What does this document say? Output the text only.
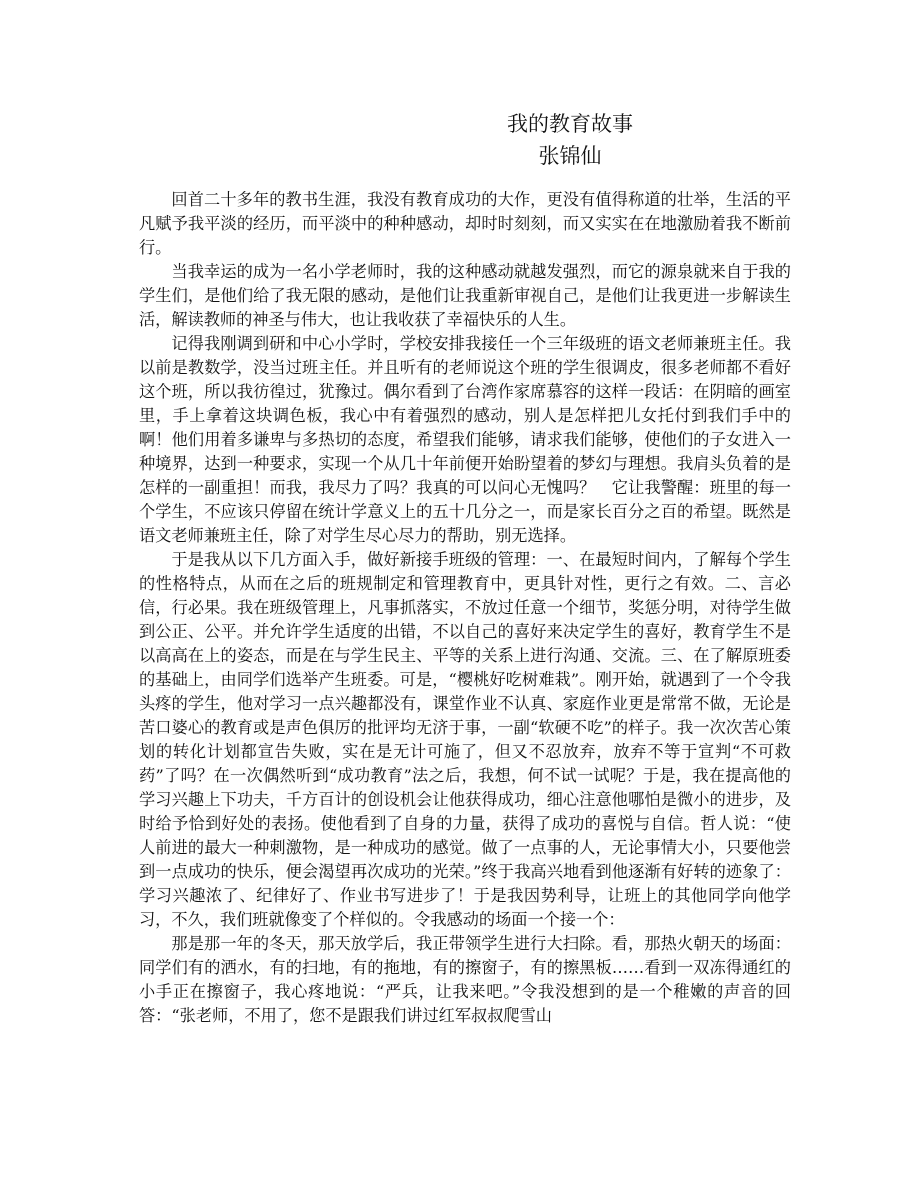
我的教育故事
张锦仙

回首二十多年的教书生涯，我没有教育成功的大作，更没有值得称道的壮举，生活的平凡赋予我平淡的经历，而平淡中的种种感动，却时时刻刻，而又实实在在地激励着我不断前行。

当我幸运的成为一名小学老师时，我的这种感动就越发强烈，而它的源泉就来自于我的学生们，是他们给了我无限的感动，是他们让我重新审视自己，是他们让我更进一步解读生活，解读教师的神圣与伟大，也让我收获了幸福快乐的人生。

记得我刚调到研和中心小学时，学校安排我接任一个三年级班的语文老师兼班主任。我以前是教数学，没当过班主任。并且听有的老师说这个班的学生很调皮，很多老师都不看好这个班，所以我彷徨过，犹豫过。偶尔看到了台湾作家席慕容的这样一段话：在阴暗的画室里，手上拿着这块调色板，我心中有着强烈的感动，别人是怎样把儿女托付到我们手中的啊！他们用着多谦卑与多热切的态度，希望我们能够，请求我们能够，使他们的子女进入一种境界，达到一种要求，实现一个从几十年前便开始盼望着的梦幻与理想。我肩头负着的是怎样的一副重担！而我，我尽力了吗？我真的可以问心无愧吗？　它让我警醒：班里的每一个学生，不应该只停留在统计学意义上的五十几分之一，而是家长百分之百的希望。既然是语文老师兼班主任，除了对学生尽心尽力的帮助，别无选择。

于是我从以下几方面入手，做好新接手班级的管理：一、在最短时间内，了解每个学生的性格特点，从而在之后的班规制定和管理教育中，更具针对性，更行之有效。二、言必信，行必果。我在班级管理上，凡事抓落实，不放过任意一个细节，奖惩分明，对待学生做到公正、公平。并允许学生适度的出错，不以自己的喜好来决定学生的喜好，教育学生不是以高高在上的姿态，而是在与学生民主、平等的关系上进行沟通、交流。三、在了解原班委的基础上，由同学们选举产生班委。可是，“樱桃好吃树难栽”。刚开始，就遇到了一个令我头疼的学生，他对学习一点兴趣都没有，课堂作业不认真、家庭作业更是常常不做，无论是苦口婆心的教育或是声色俱厉的批评均无济于事，一副“软硬不吃”的样子。我一次次苦心策划的转化计划都宣告失败，实在是无计可施了，但又不忍放弃，放弃不等于宣判“不可救药”了吗？在一次偶然听到“成功教育”法之后，我想，何不试一试呢？于是，我在提高他的学习兴趣上下功夫，千方百计的创设机会让他获得成功，细心注意他哪怕是微小的进步，及时给予恰到好处的表扬。使他看到了自身的力量，获得了成功的喜悦与自信。哲人说：“使人前进的最大一种刺激物，是一种成功的感觉。做了一点事的人，无论事情大小，只要他尝到一点成功的快乐，便会渴望再次成功的光荣。”终于我高兴地看到他逐渐有好转的迹象了：学习兴趣浓了、纪律好了、作业书写进步了！于是我因势利导，让班上的其他同学向他学习，不久，我们班就像变了个样似的。令我感动的场面一个接一个：

那是那一年的冬天，那天放学后，我正带领学生进行大扫除。看，那热火朝天的场面：同学们有的洒水，有的扫地，有的拖地，有的擦窗子，有的擦黑板……看到一双冻得通红的小手正在擦窗子，我心疼地说：“严兵，让我来吧。”令我没想到的是一个稚嫩的声音的回答：“张老师，不用了，您不是跟我们讲过红军叔叔爬雪山
